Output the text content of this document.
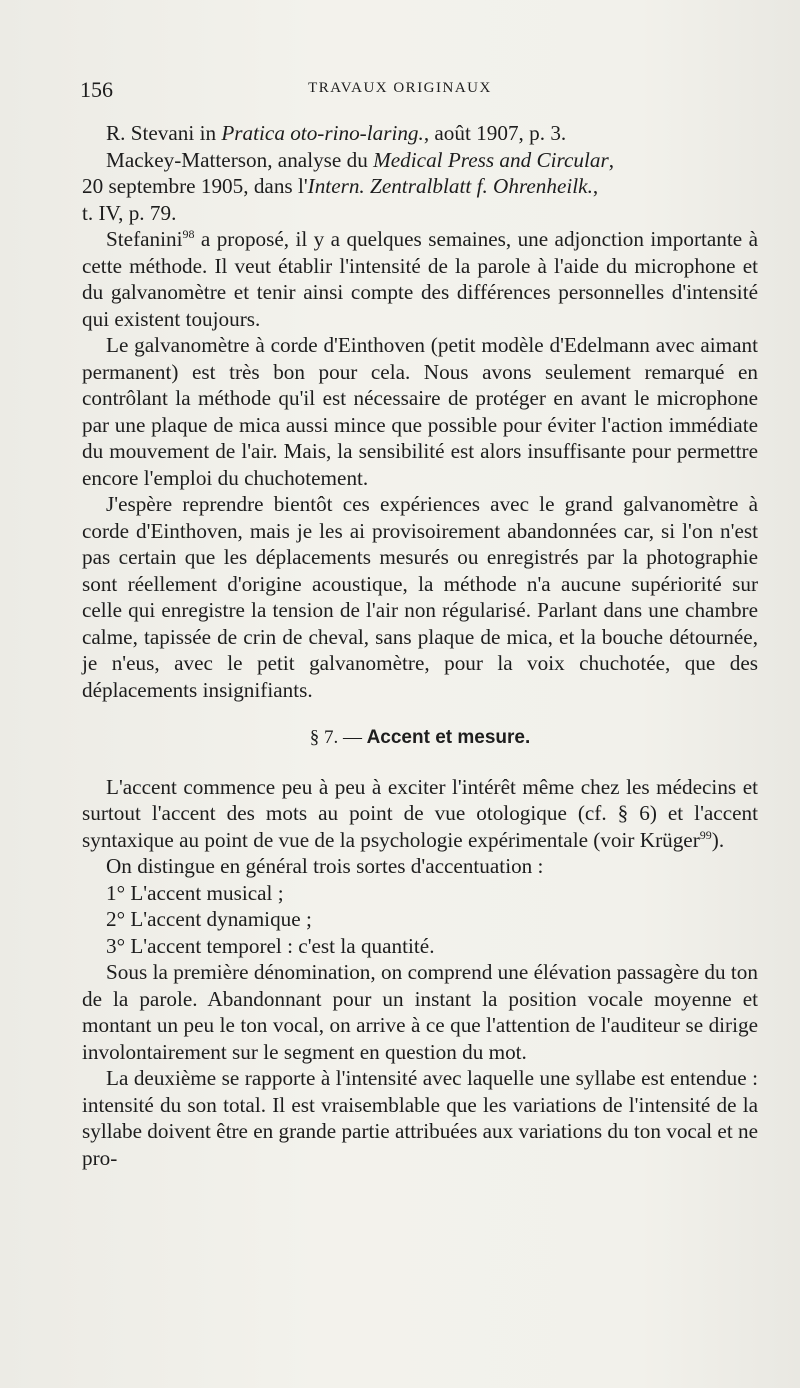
156	TRAVAUX ORIGINAUX
R. Stevani in Pratica oto-rino-laring., août 1907, p. 3.
Mackey-Matterson, analyse du Medical Press and Circular,
20 septembre 1905, dans l'Intern. Zentralblatt f. Ohrenheilk.,
t. IV, p. 79.
Stefanini$^{98}$ a proposé, il y a quelques semaines, une adjonction importante à cette méthode. Il veut établir l'intensité de la parole à l'aide du microphone et du galvanomètre et tenir ainsi compte des différences personnelles d'intensité qui existent toujours.
Le galvanomètre à corde d'Einthoven (petit modèle d'Edelmann avec aimant permanent) est très bon pour cela. Nous avons seulement remarqué en contrôlant la méthode qu'il est nécessaire de protéger en avant le microphone par une plaque de mica aussi mince que possible pour éviter l'action immédiate du mouvement de l'air. Mais, la sensibilité est alors insuffisante pour permettre encore l'emploi du chuchotement.
J'espère reprendre bientôt ces expériences avec le grand galvanomètre à corde d'Einthoven, mais je les ai provisoirement abandonnées car, si l'on n'est pas certain que les déplacements mesurés ou enregistrés par la photographie sont réellement d'origine acoustique, la méthode n'a aucune supériorité sur celle qui enregistre la tension de l'air non régularisé. Parlant dans une chambre calme, tapissée de crin de cheval, sans plaque de mica, et la bouche détournée, je n'eus, avec le petit galvanomètre, pour la voix chuchotée, que des déplacements insignifiants.
§ 7. — Accent et mesure.
L'accent commence peu à peu à exciter l'intérêt même chez les médecins et surtout l'accent des mots au point de vue otologique (cf. § 6) et l'accent syntaxique au point de vue de la psychologie expérimentale (voir Krüger$^{99}$).
On distingue en général trois sortes d'accentuation :
1° L'accent musical ;
2° L'accent dynamique ;
3° L'accent temporel : c'est la quantité.
Sous la première dénomination, on comprend une élévation passagère du ton de la parole. Abandonnant pour un instant la position vocale moyenne et montant un peu le ton vocal, on arrive à ce que l'attention de l'auditeur se dirige involontairement sur le segment en question du mot.
La deuxième se rapporte à l'intensité avec laquelle une syllabe est entendue : intensité du son total. Il est vraisemblable que les variations de l'intensité de la syllabe doivent être en grande partie attribuées aux variations du ton vocal et ne pro-
